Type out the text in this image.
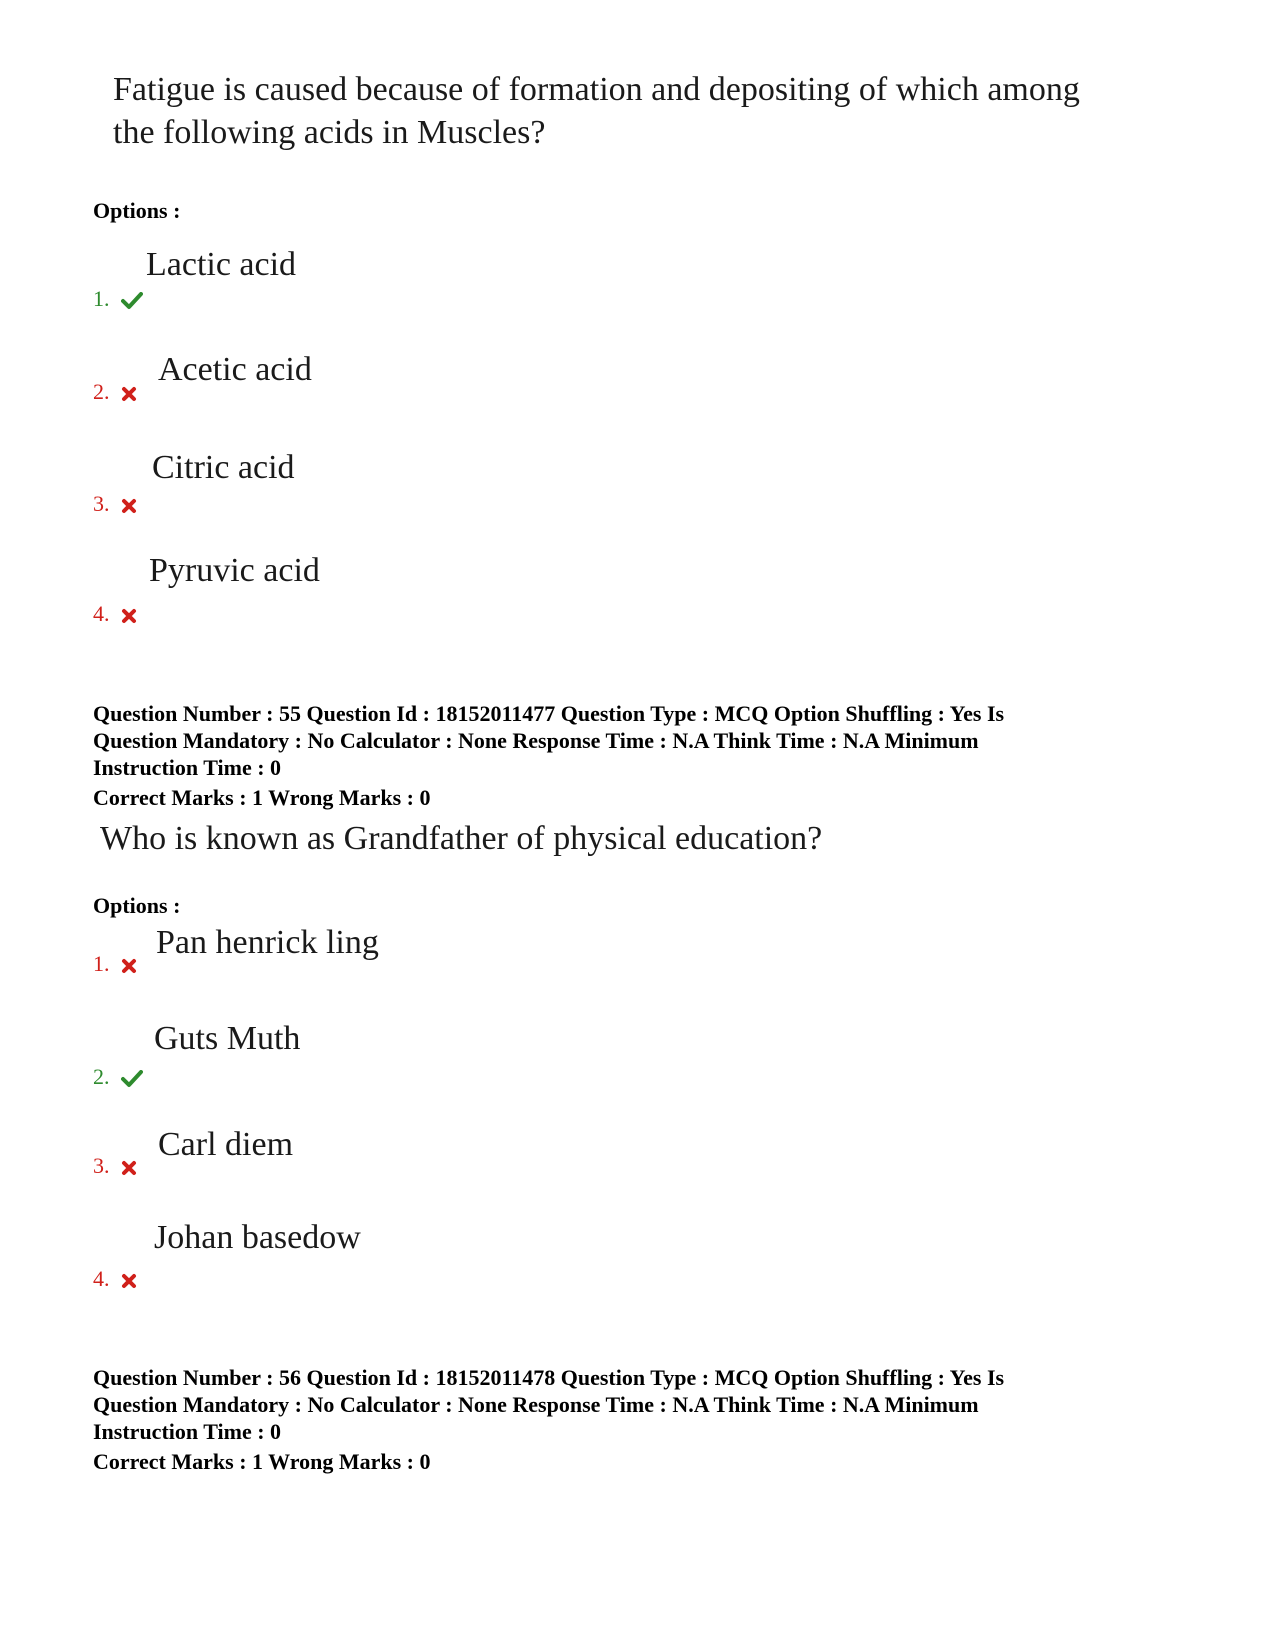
Fatigue is caused because of formation and depositing of which among
the following acids in Muscles?
Options :
Lactic acid
1.
Acetic acid
2.
Citric acid
3.
Pyruvic acid
4.
Question Number : 55 Question Id : 18152011477 Question Type : MCQ Option Shuffling : Yes Is
Question Mandatory : No Calculator : None Response Time : N.A Think Time : N.A Minimum
Instruction Time : 0
Correct Marks : 1 Wrong Marks : 0
Who is known as Grandfather of physical education?
Options :
Pan henrick ling
1.
Guts Muth
2.
Carl diem
3.
Johan basedow
4.
Question Number : 56 Question Id : 18152011478 Question Type : MCQ Option Shuffling : Yes Is
Question Mandatory : No Calculator : None Response Time : N.A Think Time : N.A Minimum
Instruction Time : 0
Correct Marks : 1 Wrong Marks : 0
